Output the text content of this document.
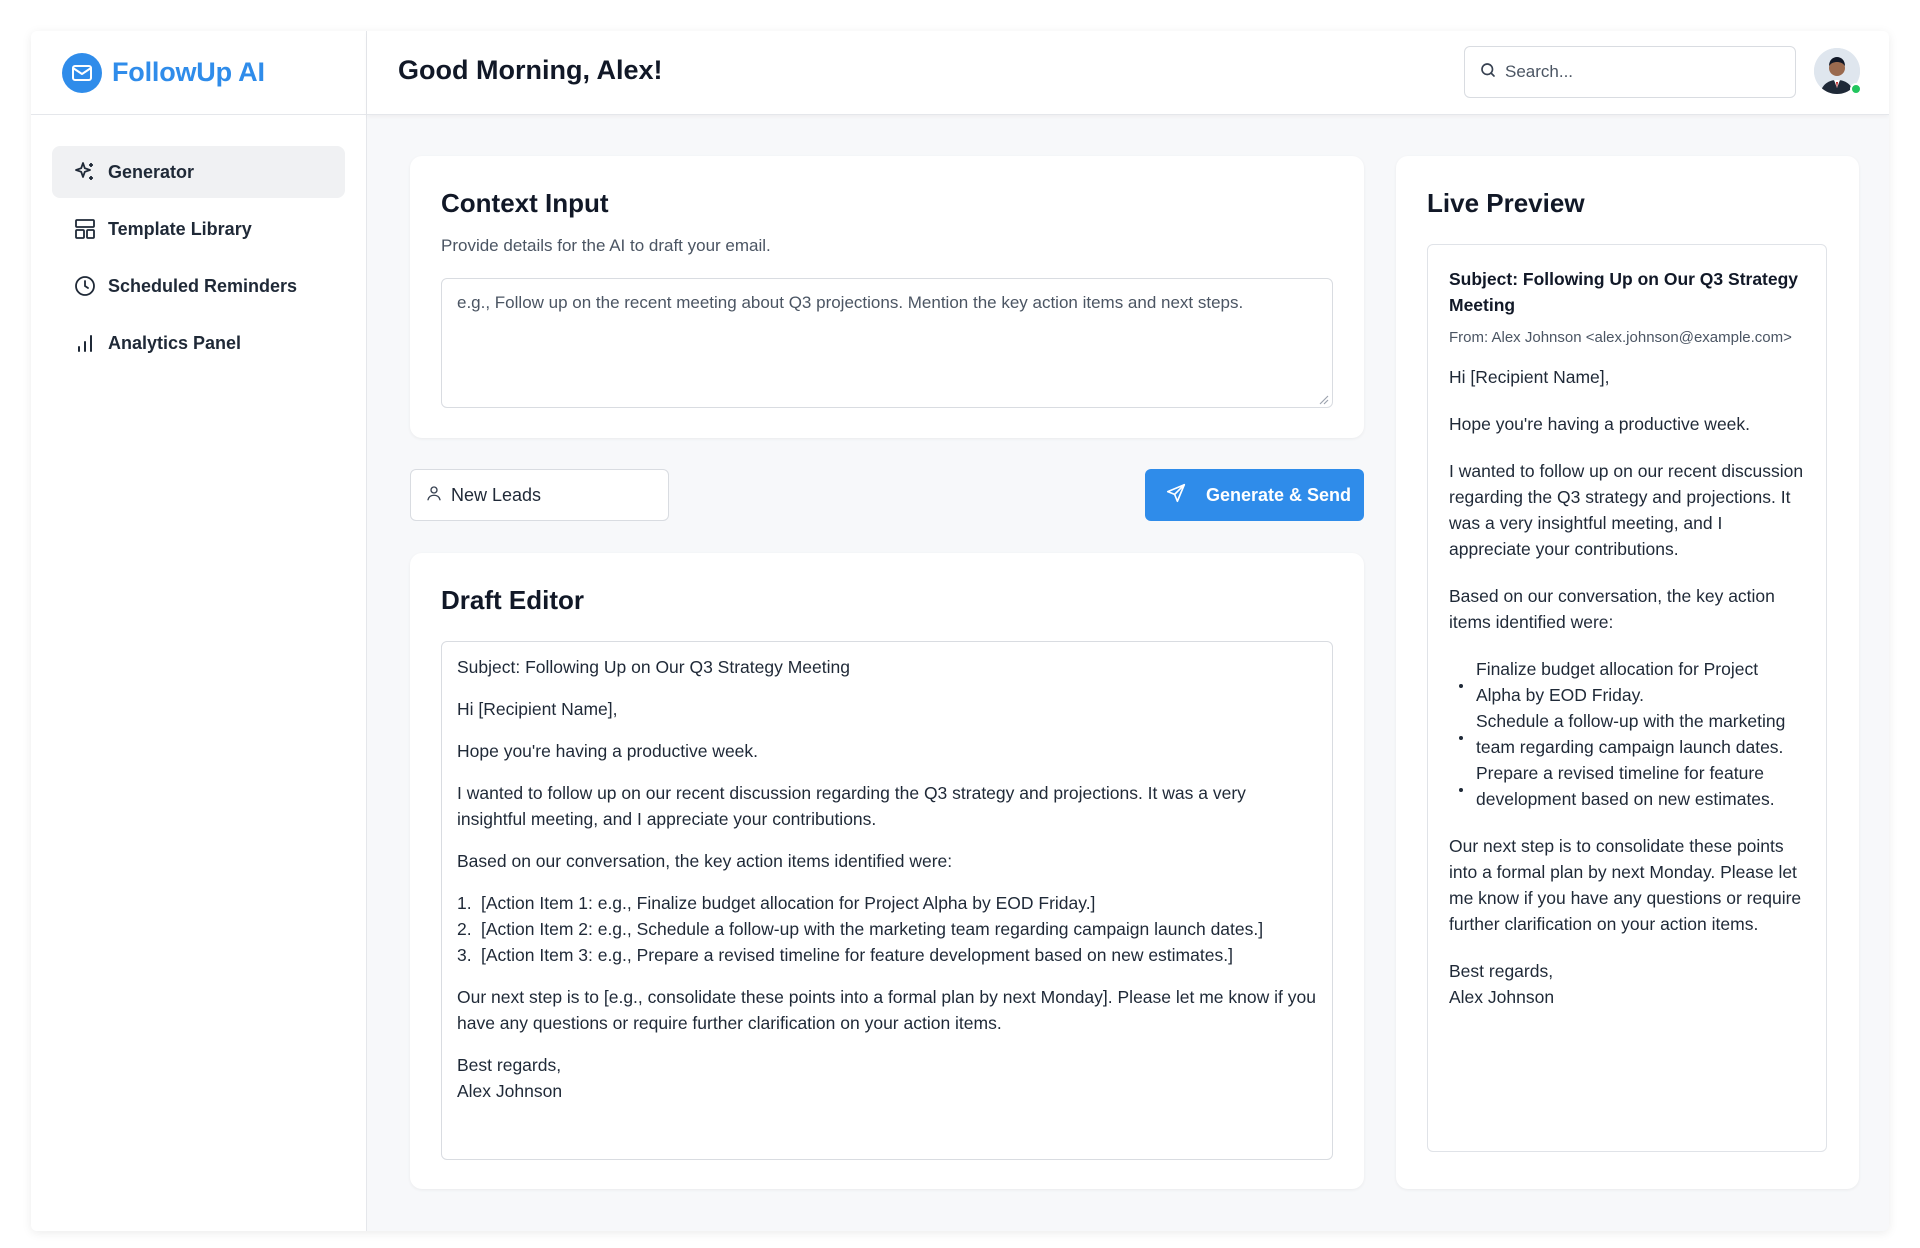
FollowUp AI
Generator
Template Library
Scheduled Reminders
Analytics Panel
Good Morning, Alex!
Search...
Context Input

Provide details for the AI to draft your email.

e.g., Follow up on the recent meeting about Q3 projections. Mention the key action items and next steps.
New Leads	Generate & Send
Draft Editor
Subject: Following Up on Our Q3 Strategy Meeting
Hi [Recipient Name],
Hope you're having a productive week.
I wanted to follow up on our recent discussion regarding the Q3 strategy and projections. It was a very insightful meeting, and I appreciate your contributions.
Based on our conversation, the key action items identified were:
1. [Action Item 1: e.g., Finalize budget allocation for Project Alpha by EOD Friday.]
2. [Action Item 2: e.g., Schedule a follow-up with the marketing team regarding campaign launch dates.]
3. [Action Item 3: e.g., Prepare a revised timeline for feature development based on new estimates.]
Our next step is to [e.g., consolidate these points into a formal plan by next Monday]. Please let me know if you have any questions or require further clarification on your action items.
Best regards,
Alex Johnson
Live Preview
Subject: Following Up on Our Q3 Strategy Meeting
From: Alex Johnson <alex.johnson@example.com>
Hi [Recipient Name],
Hope you're having a productive week.
I wanted to follow up on our recent discussion regarding the Q3 strategy and projections. It was a very insightful meeting, and I appreciate your contributions.
Based on our conversation, the key action items identified were:
Finalize budget allocation for Project Alpha by EOD Friday.
Schedule a follow-up with the marketing team regarding campaign launch dates.
Prepare a revised timeline for feature development based on new estimates.
Our next step is to consolidate these points into a formal plan by next Monday. Please let me know if you have any questions or require further clarification on your action items.
Best regards,
Alex Johnson
